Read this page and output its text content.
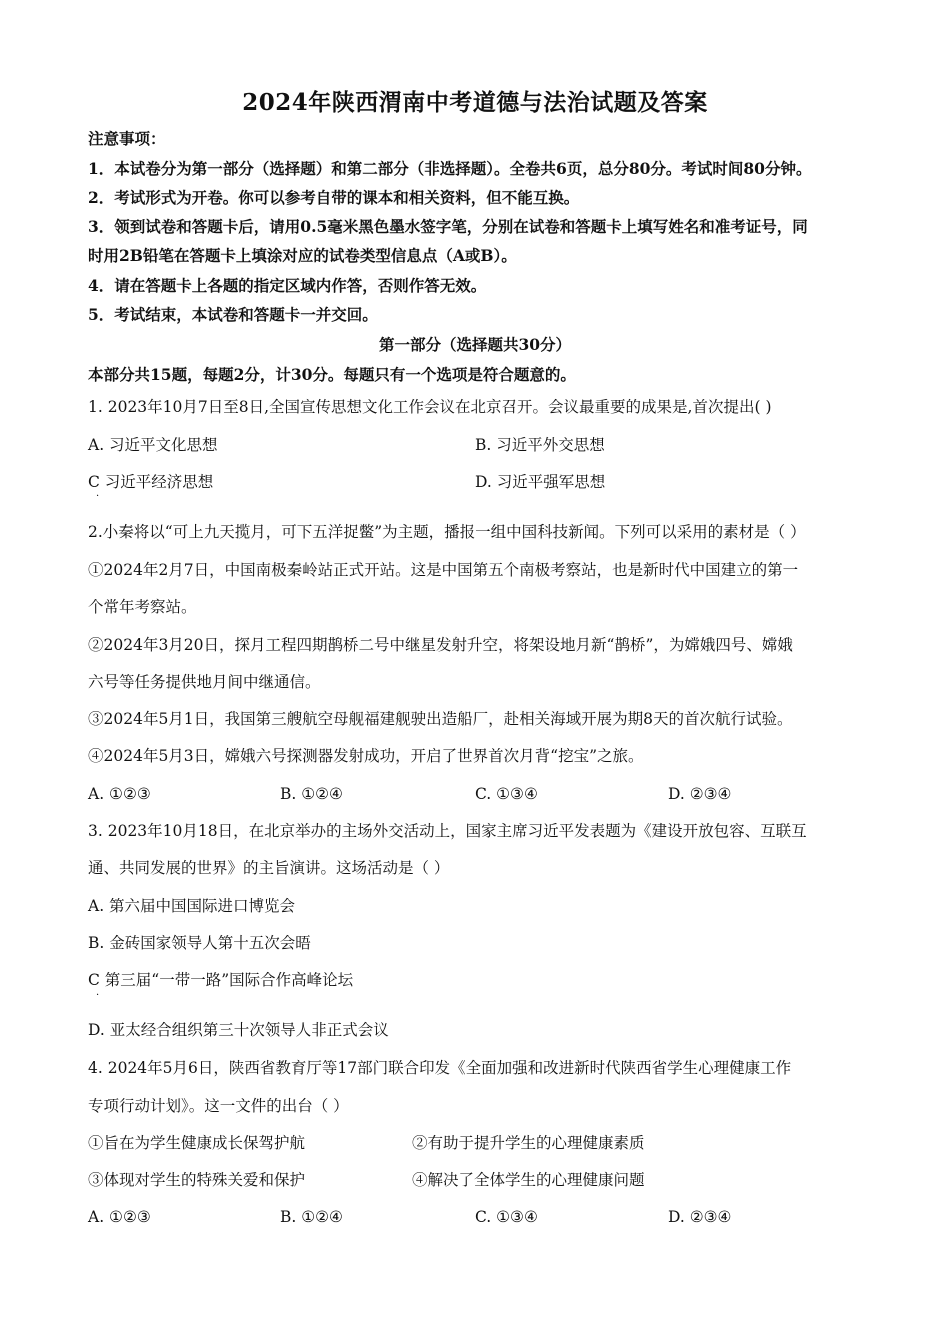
2024年陕西渭南中考道德与法治试题及答案
注意事项：
1．本试卷分为第一部分（选择题）和第二部分（非选择题）。全卷共6页，总分80分。考试时间80分钟。
2．考试形式为开卷。你可以参考自带的课本和相关资料，但不能互换。
3．领到试卷和答题卡后，请用0.5毫米黑色墨水签字笔，分别在试卷和答题卡上填写姓名和准考证号，同
时用2B铅笔在答题卡上填涂对应的试卷类型信息点（A或B）。
4．请在答题卡上各题的指定区域内作答，否则作答无效。
5．考试结束，本试卷和答题卡一并交回。
第一部分（选择题共30分）
本部分共15题，每题2分，计30分。每题只有一个选项是符合题意的。
1. 2023年10月7日至8日,全国宣传思想文化工作会议在北京召开。会议最重要的成果是,首次提出( )
A. 习近平文化思想	B. 习近平外交思想
C 习近平经济思想
·
D. 习近平强军思想
2.小秦将以“可上九天揽月，可下五洋捉鳖”为主题，播报一组中国科技新闻。下列可以采用的素材是（ ）
①2024年2月7日，中国南极秦岭站正式开站。这是中国第五个南极考察站，也是新时代中国建立的第一
个常年考察站。
②2024年3月20日，探月工程四期鹊桥二号中继星发射升空，将架设地月新“鹊桥”，为嫦娥四号、嫦娥
六号等任务提供地月间中继通信。
③2024年5月1日，我国第三艘航空母舰福建舰驶出造船厂，赴相关海域开展为期8天的首次航行试验。
④2024年5月3日，嫦娥六号探测器发射成功，开启了世界首次月背“挖宝”之旅。
A. ①②③	B. ①②④	C. ①③④	D. ②③④
3. 2023年10月18日，在北京举办的主场外交活动上，国家主席习近平发表题为《建设开放包容、互联互
通、共同发展的世界》的主旨演讲。这场活动是（ ）
A. 第六届中国国际进口博览会
B. 金砖国家领导人第十五次会晤
C 第三届“一带一路”国际合作高峰论坛
·
D. 亚太经合组织第三十次领导人非正式会议
4. 2024年5月6日，陕西省教育厅等17部门联合印发《全面加强和改进新时代陕西省学生心理健康工作
专项行动计划》。这一文件的出台（ ）
①旨在为学生健康成长保驾护航	②有助于提升学生的心理健康素质
③体现对学生的特殊关爱和保护	④解决了全体学生的心理健康问题
A. ①②③	B. ①②④	C. ①③④	D. ②③④
